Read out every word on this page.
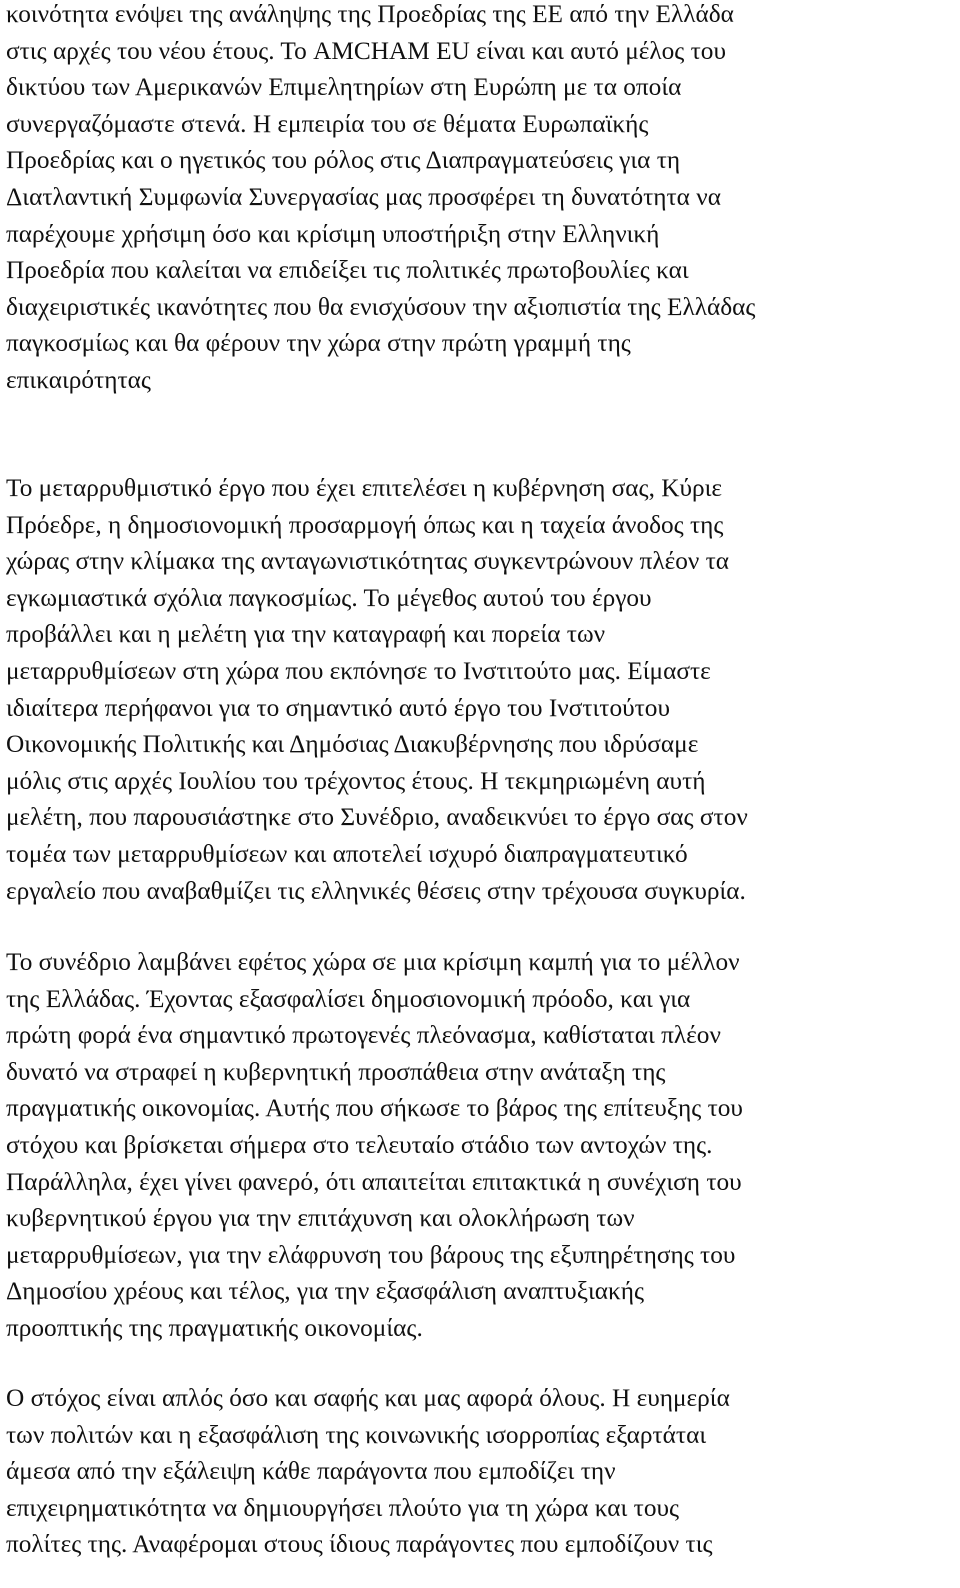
κοινότητα ενόψει της ανάληψης της Προεδρίας της ΕΕ από την Ελλάδα
στις αρχές του νέου έτους. Το AMCHAM EU είναι και αυτό μέλος του
δικτύου των Αμερικανών Επιμελητηρίων στη Ευρώπη με τα οποία
συνεργαζόμαστε στενά. Η εμπειρία του σε θέματα Ευρωπαϊκής
Προεδρίας και ο ηγετικός του ρόλος στις Διαπραγματεύσεις για τη
Διατλαντική Συμφωνία Συνεργασίας μας προσφέρει τη δυνατότητα να
παρέχουμε χρήσιμη όσο και κρίσιμη υποστήριξη στην Ελληνική
Προεδρία που καλείται να επιδείξει τις πολιτικές πρωτοβουλίες και
διαχειριστικές ικανότητες που θα ενισχύσουν την αξιοπιστία της Ελλάδας
παγκοσμίως και θα φέρουν την χώρα στην πρώτη γραμμή της
επικαιρότητας
Το μεταρρυθμιστικό έργο που έχει επιτελέσει η κυβέρνηση σας, Κύριε
Πρόεδρε, η δημοσιονομική προσαρμογή όπως και η ταχεία άνοδος της
χώρας στην κλίμακα της ανταγωνιστικότητας συγκεντρώνουν πλέον τα
εγκωμιαστικά σχόλια παγκοσμίως. Το μέγεθος αυτού του έργου
προβάλλει και η μελέτη για την καταγραφή και πορεία των
μεταρρυθμίσεων στη χώρα που εκπόνησε το Ινστιτούτο μας. Είμαστε
ιδιαίτερα περήφανοι για το σημαντικό αυτό έργο του Ινστιτούτου
Οικονομικής Πολιτικής και Δημόσιας Διακυβέρνησης που ιδρύσαμε
μόλις στις αρχές Ιουλίου του τρέχοντος έτους. Η τεκμηριωμένη αυτή
μελέτη, που παρουσιάστηκε στο Συνέδριο, αναδεικνύει το έργο σας στον
τομέα των μεταρρυθμίσεων και αποτελεί ισχυρό διαπραγματευτικό
εργαλείο που αναβαθμίζει τις ελληνικές θέσεις στην τρέχουσα συγκυρία.
Το συνέδριο λαμβάνει εφέτος χώρα σε μια κρίσιμη καμπή για το μέλλον
της Ελλάδας. Έχοντας εξασφαλίσει δημοσιονομική πρόοδο, και για
πρώτη φορά ένα σημαντικό πρωτογενές πλεόνασμα, καθίσταται πλέον
δυνατό να στραφεί η κυβερνητική προσπάθεια στην ανάταξη της
πραγματικής οικονομίας. Αυτής που σήκωσε το βάρος της επίτευξης του
στόχου και βρίσκεται σήμερα στο τελευταίο στάδιο των αντοχών της.
Παράλληλα, έχει γίνει φανερό, ότι απαιτείται επιτακτικά η συνέχιση του
κυβερνητικού έργου για την επιτάχυνση και ολοκλήρωση των
μεταρρυθμίσεων, για την ελάφρυνση του βάρους της εξυπηρέτησης του
Δημοσίου χρέους και τέλος, για την εξασφάλιση αναπτυξιακής
προοπτικής της πραγματικής οικονομίας.
Ο στόχος είναι απλός όσο και σαφής και μας αφορά όλους. Η ευημερία
των πολιτών και η εξασφάλιση της κοινωνικής ισορροπίας εξαρτάται
άμεσα από την εξάλειψη κάθε παράγοντα που εμποδίζει την
επιχειρηματικότητα να δημιουργήσει πλούτο για τη χώρα και τους
πολίτες της. Αναφέρομαι στους ίδιους παράγοντες που εμποδίζουν τις
